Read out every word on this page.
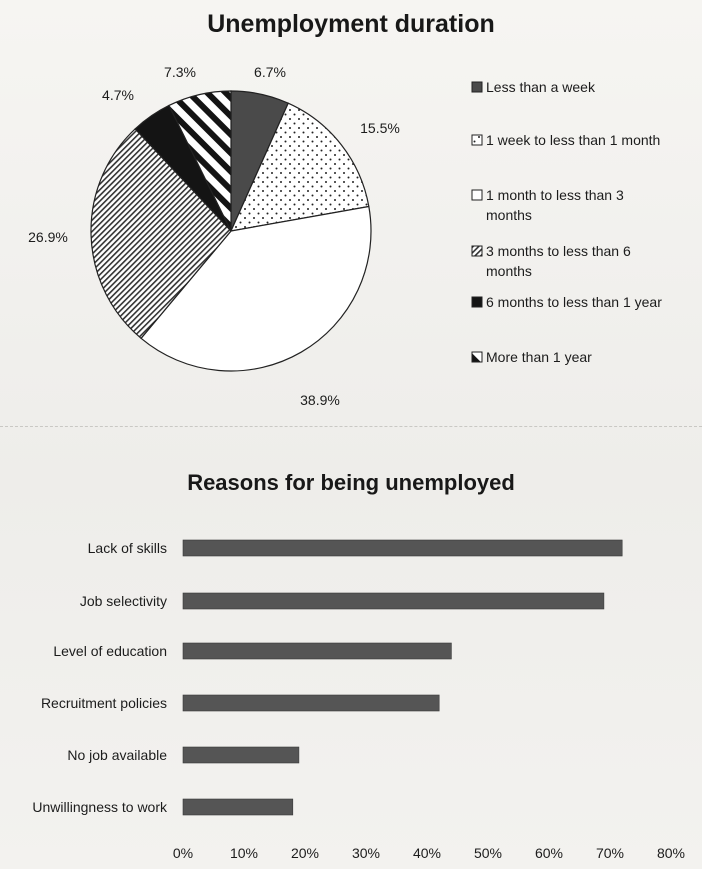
Unemployment duration
6.7%
15.5%
38.9%
26.9%
4.7%
7.3%
Less than a week
1 week to less than 1 month
1 month to less than 3 months
3 months to less than 6 months
6 months to less than 1 year
More than 1 year
Reasons for being unemployed
Lack of skills
Job selectivity
Level of education
Recruitment policies
No job available
Unwillingness to work
0%	10% 20% 30% 40% 50% 60% 70% 80%
